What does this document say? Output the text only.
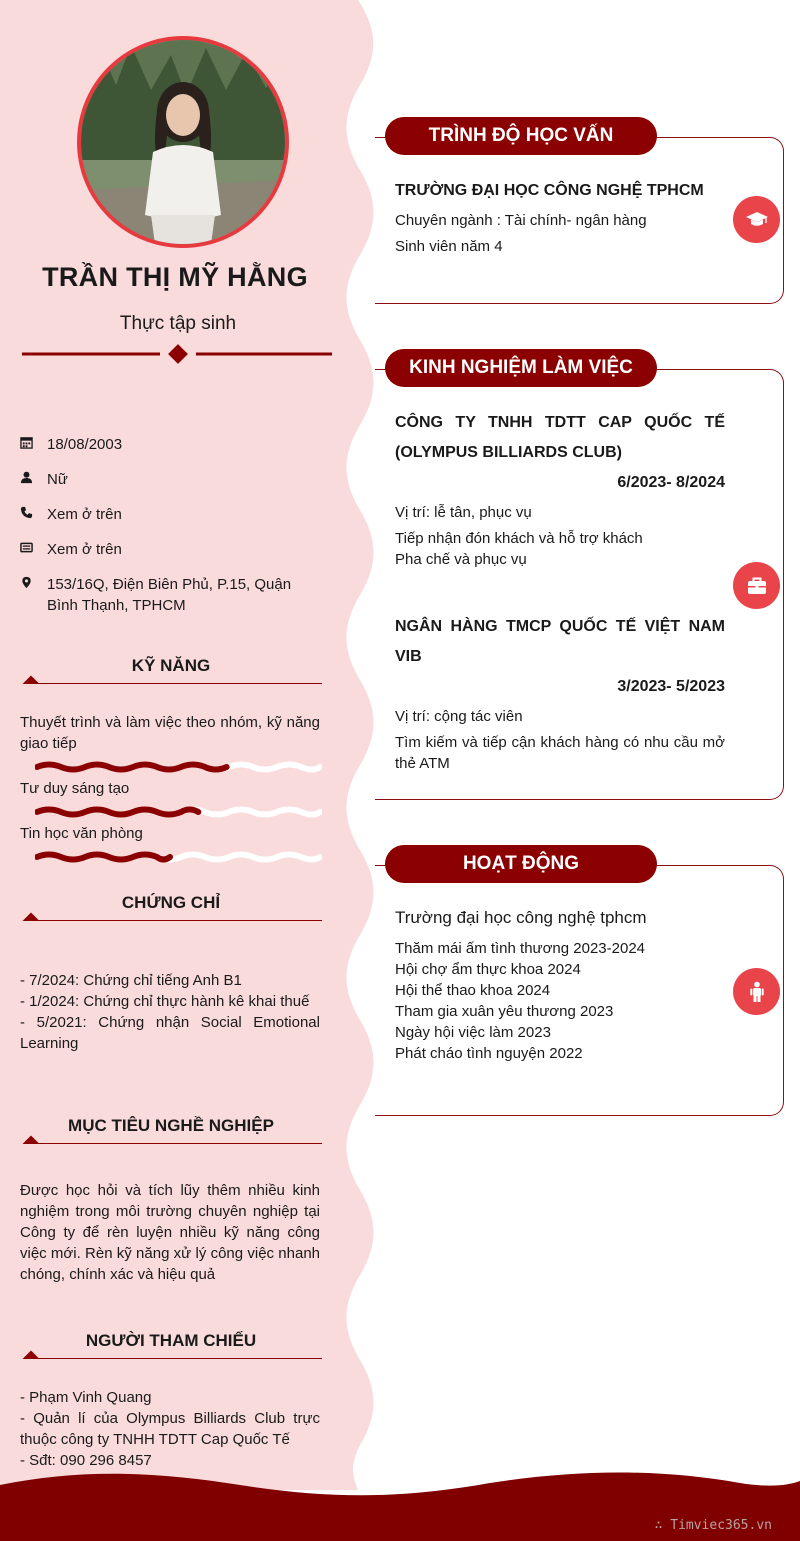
TRẦN THỊ MỸ HẰNG
Thực tập sinh
18/08/2003
Nữ
Xem ở trên
Xem ở trên
153/16Q, Điện Biên Phủ, P.15, Quận
Bình Thạnh, TPHCM
KỸ NĂNG
Thuyết trình và làm việc theo nhóm, kỹ năng giao tiếp
Tư duy sáng tạo
Tin học văn phòng
CHỨNG CHỈ
- 7/2024: Chứng chỉ tiếng Anh B1
- 1/2024: Chứng chỉ thực hành kê khai thuế
- 5/2021: Chứng nhận Social Emotional Learning
MỤC TIÊU NGHỀ NGHIỆP
Được học hỏi và tích lũy thêm nhiều kinh nghiệm trong môi trường chuyên nghiệp tại Công ty để rèn luyện nhiều kỹ năng công việc mới. Rèn kỹ năng xử lý công việc nhanh chóng, chính xác và hiệu quả
NGƯỜI THAM CHIẾU
- Phạm Vinh Quang
- Quản lí của Olympus Billiards Club trực thuộc công ty TNHH TDTT Cap Quốc Tế
- Sđt: 090 296 8457
TRÌNH ĐỘ HỌC VẤN
TRƯỜNG ĐẠI HỌC CÔNG NGHỆ TPHCM
Chuyên ngành : Tài chính- ngân hàng
Sinh viên năm 4
KINH NGHIỆM LÀM VIỆC
CÔNG TY TNHH TDTT CAP QUỐC TẾ (OLYMPUS BILLIARDS CLUB)
6/2023- 8/2024
Vị trí: lễ tân, phục vụ
Tiếp nhận đón khách và hỗ trợ khách
Pha chế và phục vụ
NGÂN HÀNG TMCP QUỐC TẾ VIỆT NAM VIB
3/2023- 5/2023
Vị trí: cộng tác viên
Tìm kiếm và tiếp cận khách hàng có nhu cầu mở thẻ ATM
HOẠT ĐỘNG
Trường đại học công nghệ tphcm
Thăm mái ấm tình thương 2023-2024
Hội chợ ẩm thực khoa 2024
Hội thể thao khoa 2024
Tham gia xuân yêu thương 2023
Ngày hội việc làm 2023
Phát cháo tình nguyện 2022
∴ Timviec365.vn
